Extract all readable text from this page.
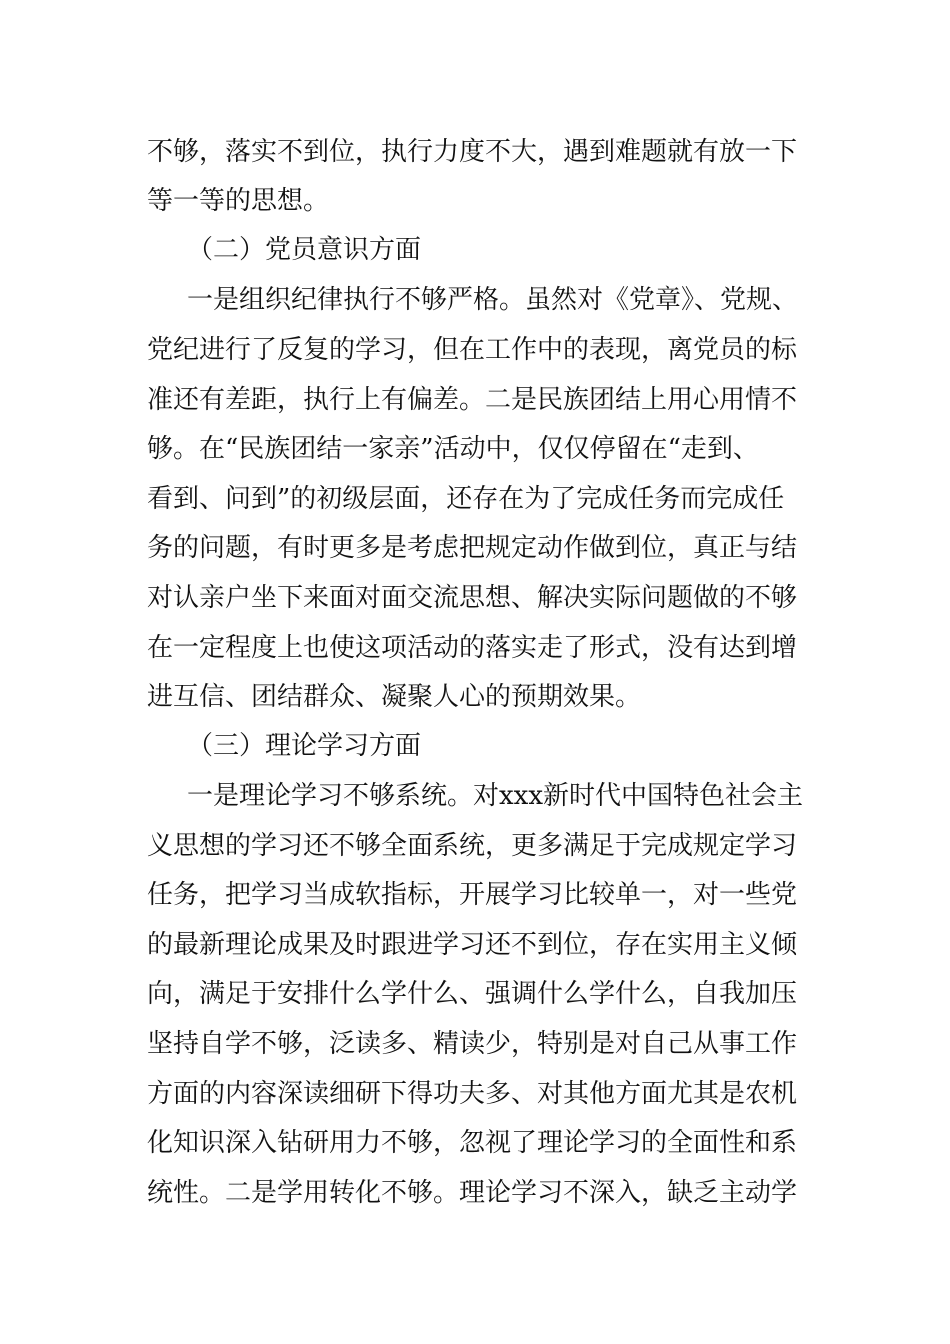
不够，落实不到位，执行力度不大，遇到难题就有放一下
等一等的思想。
（二）党员意识方面
一是组织纪律执行不够严格。虽然对《党章》、党规、
党纪进行了反复的学习，但在工作中的表现，离党员的标
准还有差距，执行上有偏差。二是民族团结上用心用情不
够。在“民族团结一家亲”活动中，仅仅停留在“走到、
看到、问到”的初级层面，还存在为了完成任务而完成任
务的问题，有时更多是考虑把规定动作做到位，真正与结
对认亲户坐下来面对面交流思想、解决实际问题做的不够
在一定程度上也使这项活动的落实走了形式，没有达到增
进互信、团结群众、凝聚人心的预期效果。
（三）理论学习方面
一是理论学习不够系统。对xxx新时代中国特色社会主
义思想的学习还不够全面系统，更多满足于完成规定学习
任务，把学习当成软指标，开展学习比较单一，对一些党
的最新理论成果及时跟进学习还不到位，存在实用主义倾
向，满足于安排什么学什么、强调什么学什么，自我加压
坚持自学不够，泛读多、精读少，特别是对自己从事工作
方面的内容深读细研下得功夫多、对其他方面尤其是农机
化知识深入钻研用力不够，忽视了理论学习的全面性和系
统性。二是学用转化不够。理论学习不深入，缺乏主动学
